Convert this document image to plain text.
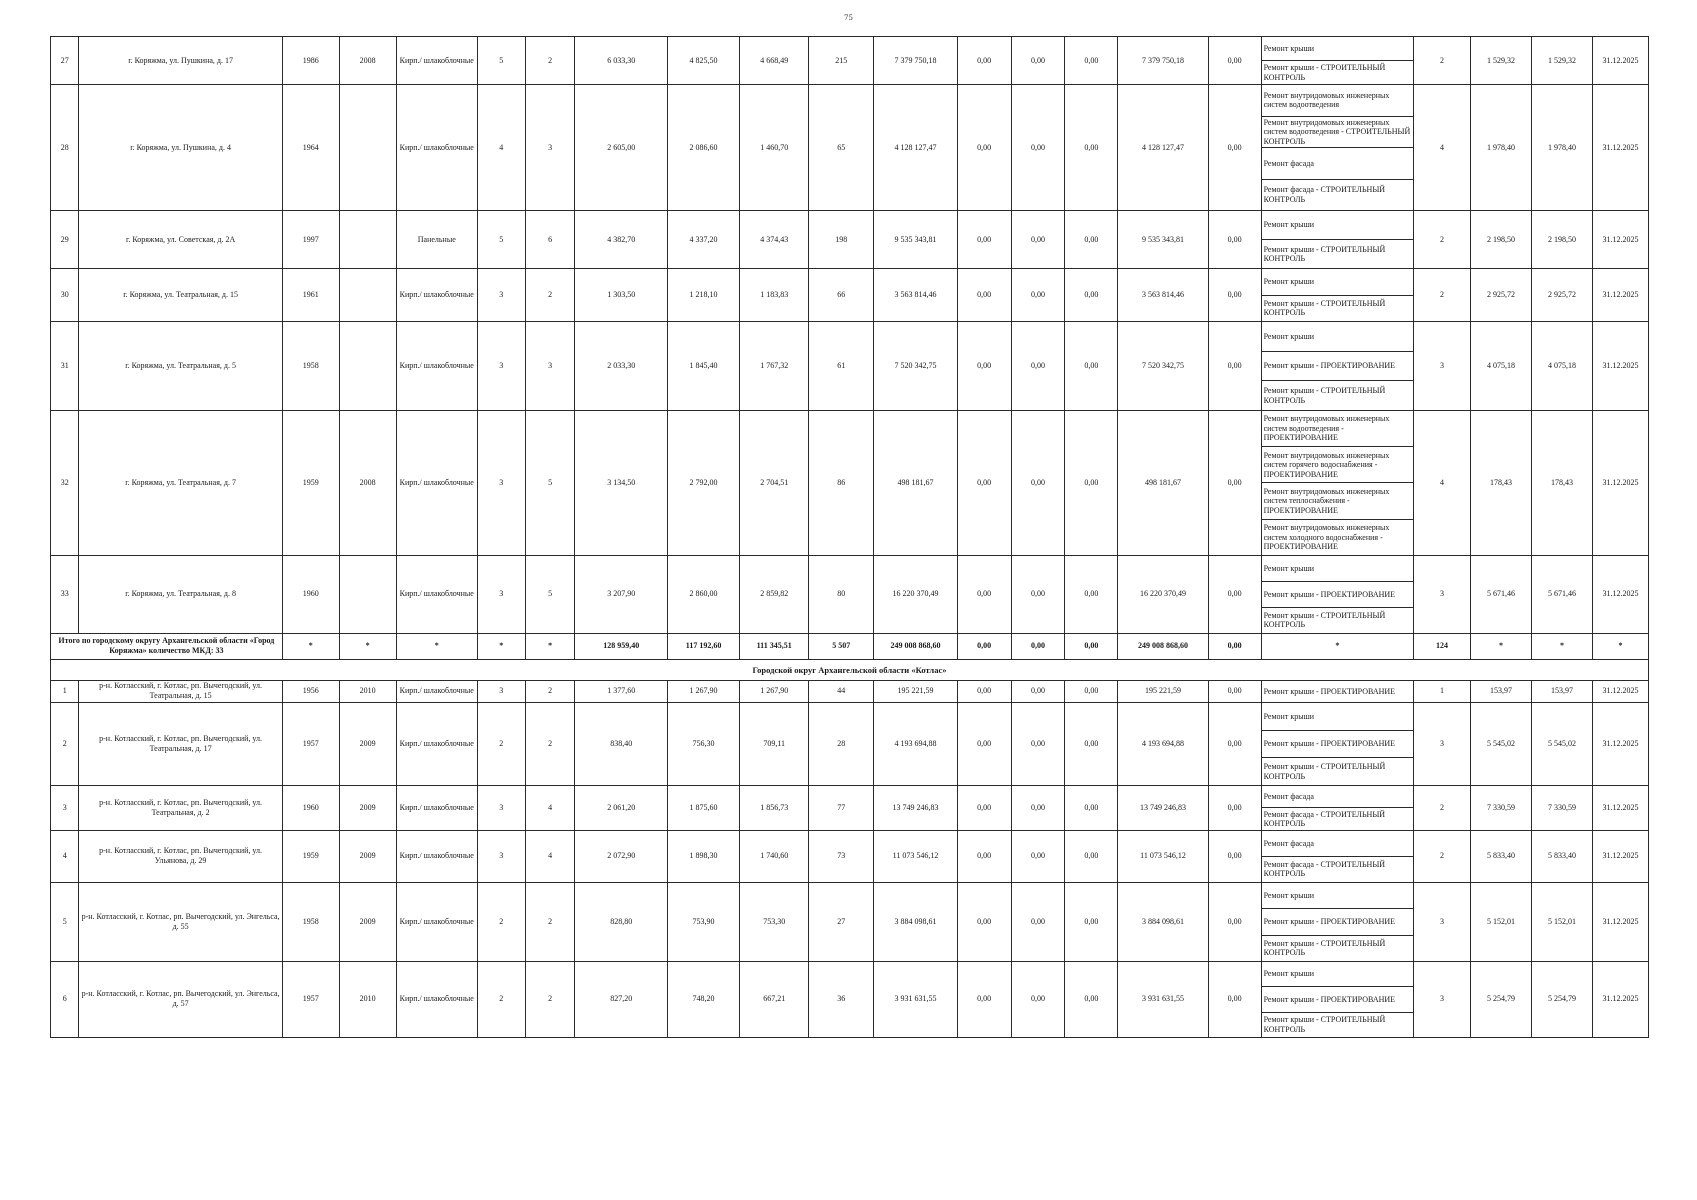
75
27	г. Коряжма, ул. Пушкина, д. 17	1986	2008	Кирп./ шлакоблочные	5	2	6 033,30	4 825,50	4 668,49	215	7 379 750,18	0,00	0,00	0,00	7 379 750,18	0,00	Ремонт крыши	2	1 529,32	1 529,32	31.12.2025
																	Ремонт крыши - СТРОИТЕЛЬНЫЙ КОНТРОЛЬ				
28	г. Коряжма, ул. Пушкина, д. 4	1964		Кирп./ шлакоблочные	4	3	2 605,00	2 086,60	1 460,70	65	4 128 127,47	0,00	0,00	0,00	4 128 127,47	0,00	Ремонт внутридомовых инженерных систем водоотведения	4	1 978,40	1 978,40	31.12.2025
																	Ремонт внутридомовых инженерных систем водоотведения - СТРОИТЕЛЬНЫЙ КОНТРОЛЬ				
																	Ремонт фасада				
																	Ремонт фасада - СТРОИТЕЛЬНЫЙ КОНТРОЛЬ				
29	г. Коряжма, ул. Советская, д. 2А	1997		Панельные	5	6	4 382,70	4 337,20	4 374,43	198	9 535 343,81	0,00	0,00	0,00	9 535 343,81	0,00	Ремонт крыши	2	2 198,50	2 198,50	31.12.2025
																	Ремонт крыши - СТРОИТЕЛЬНЫЙ КОНТРОЛЬ				
30	г. Коряжма, ул. Театральная, д. 15	1961		Кирп./ шлакоблочные	3	2	1 303,50	1 218,10	1 183,83	66	3 563 814,46	0,00	0,00	0,00	3 563 814,46	0,00	Ремонт крыши	2	2 925,72	2 925,72	31.12.2025
																	Ремонт крыши - СТРОИТЕЛЬНЫЙ КОНТРОЛЬ				
31	г. Коряжма, ул. Театральная, д. 5	1958		Кирп./ шлакоблочные	3	3	2 033,30	1 845,40	1 767,32	61	7 520 342,75	0,00	0,00	0,00	7 520 342,75	0,00	Ремонт крыши	3	4 075,18	4 075,18	31.12.2025
																	Ремонт крыши - ПРОЕКТИРОВАНИЕ				
																	Ремонт крыши - СТРОИТЕЛЬНЫЙ КОНТРОЛЬ				
32	г. Коряжма, ул. Театральная, д. 7	1959	2008	Кирп./ шлакоблочные	3	5	3 134,50	2 792,00	2 704,51	86	498 181,67	0,00	0,00	0,00	498 181,67	0,00	Ремонт внутридомовых инженерных систем водоотведения - ПРОЕКТИРОВАНИЕ	4	178,43	178,43	31.12.2025
																	Ремонт внутридомовых инженерных систем горячего водоснабжения - ПРОЕКТИРОВАНИЕ				
																	Ремонт внутридомовых инженерных систем теплоснабжения - ПРОЕКТИРОВАНИЕ				
																	Ремонт внутридомовых инженерных систем холодного водоснабжения - ПРОЕКТИРОВАНИЕ				
33	г. Коряжма, ул. Театральная, д. 8	1960		Кирп./ шлакоблочные	3	5	3 207,90	2 860,00	2 859,82	80	16 220 370,49	0,00	0,00	0,00	16 220 370,49	0,00	Ремонт крыши	3	5 671,46	5 671,46	31.12.2025
																	Ремонт крыши - ПРОЕКТИРОВАНИЕ				
																	Ремонт крыши - СТРОИТЕЛЬНЫЙ КОНТРОЛЬ				
Итого по городскому округу Архангельской области «Город Коряжма» количество МКД: 33		*	*	*	*	*	128 959,40	117 192,60	111 345,51	5 507	249 008 868,60	0,00	0,00	0,00	249 008 868,60	0,00	*	124	*	*	*
Городской округ Архангельской области «Котлас»																					
1	р-н. Котласский, г. Котлас, рп. Вычегодский, ул. Театральная, д. 15	1956	2010	Кирп./ шлакоблочные	3	2	1 377,60	1 267,90	1 267,90	44	195 221,59	0,00	0,00	0,00	195 221,59	0,00	Ремонт крыши - ПРОЕКТИРОВАНИЕ	1	153,97	153,97	31.12.2025
2	р-н. Котласский, г. Котлас, рп. Вычегодский, ул. Театральная, д. 17	1957	2009	Кирп./ шлакоблочные	2	2	838,40	756,30	709,11	28	4 193 694,88	0,00	0,00	0,00	4 193 694,88	0,00	Ремонт крыши	3	5 545,02	5 545,02	31.12.2025
																	Ремонт крыши - ПРОЕКТИРОВАНИЕ				
																	Ремонт крыши - СТРОИТЕЛЬНЫЙ КОНТРОЛЬ				
3	р-н. Котласский, г. Котлас, рп. Вычегодский, ул. Театральная, д. 2	1960	2009	Кирп./ шлакоблочные	3	4	2 061,20	1 875,60	1 856,73	77	13 749 246,83	0,00	0,00	0,00	13 749 246,83	0,00	Ремонт фасада	2	7 330,59	7 330,59	31.12.2025
																	Ремонт фасада - СТРОИТЕЛЬНЫЙ КОНТРОЛЬ				
4	р-н. Котласский, г. Котлас, рп. Вычегодский, ул. Ульянова, д. 29	1959	2009	Кирп./ шлакоблочные	3	4	2 072,90	1 898,30	1 740,60	73	11 073 546,12	0,00	0,00	0,00	11 073 546,12	0,00	Ремонт фасада	2	5 833,40	5 833,40	31.12.2025
																	Ремонт фасада - СТРОИТЕЛЬНЫЙ КОНТРОЛЬ				
5	р-н. Котласский, г. Котлас, рп. Вычегодский, ул. Энгельса, д. 55	1958	2009	Кирп./ шлакоблочные	2	2	828,80	753,90	753,30	27	3 884 098,61	0,00	0,00	0,00	3 884 098,61	0,00	Ремонт крыши	3	5 152,01	5 152,01	31.12.2025
																	Ремонт крыши - ПРОЕКТИРОВАНИЕ				
																	Ремонт крыши - СТРОИТЕЛЬНЫЙ КОНТРОЛЬ				
6	р-н. Котласский, г. Котлас, рп. Вычегодский, ул. Энгельса, д. 57	1957	2010	Кирп./ шлакоблочные	2	2	827,20	748,20	667,21	36	3 931 631,55	0,00	0,00	0,00	3 931 631,55	0,00	Ремонт крыши	3	5 254,79	5 254,79	31.12.2025
																	Ремонт крыши - ПРОЕКТИРОВАНИЕ				
																	Ремонт крыши - СТРОИТЕЛЬНЫЙ КОНТРОЛЬ				
